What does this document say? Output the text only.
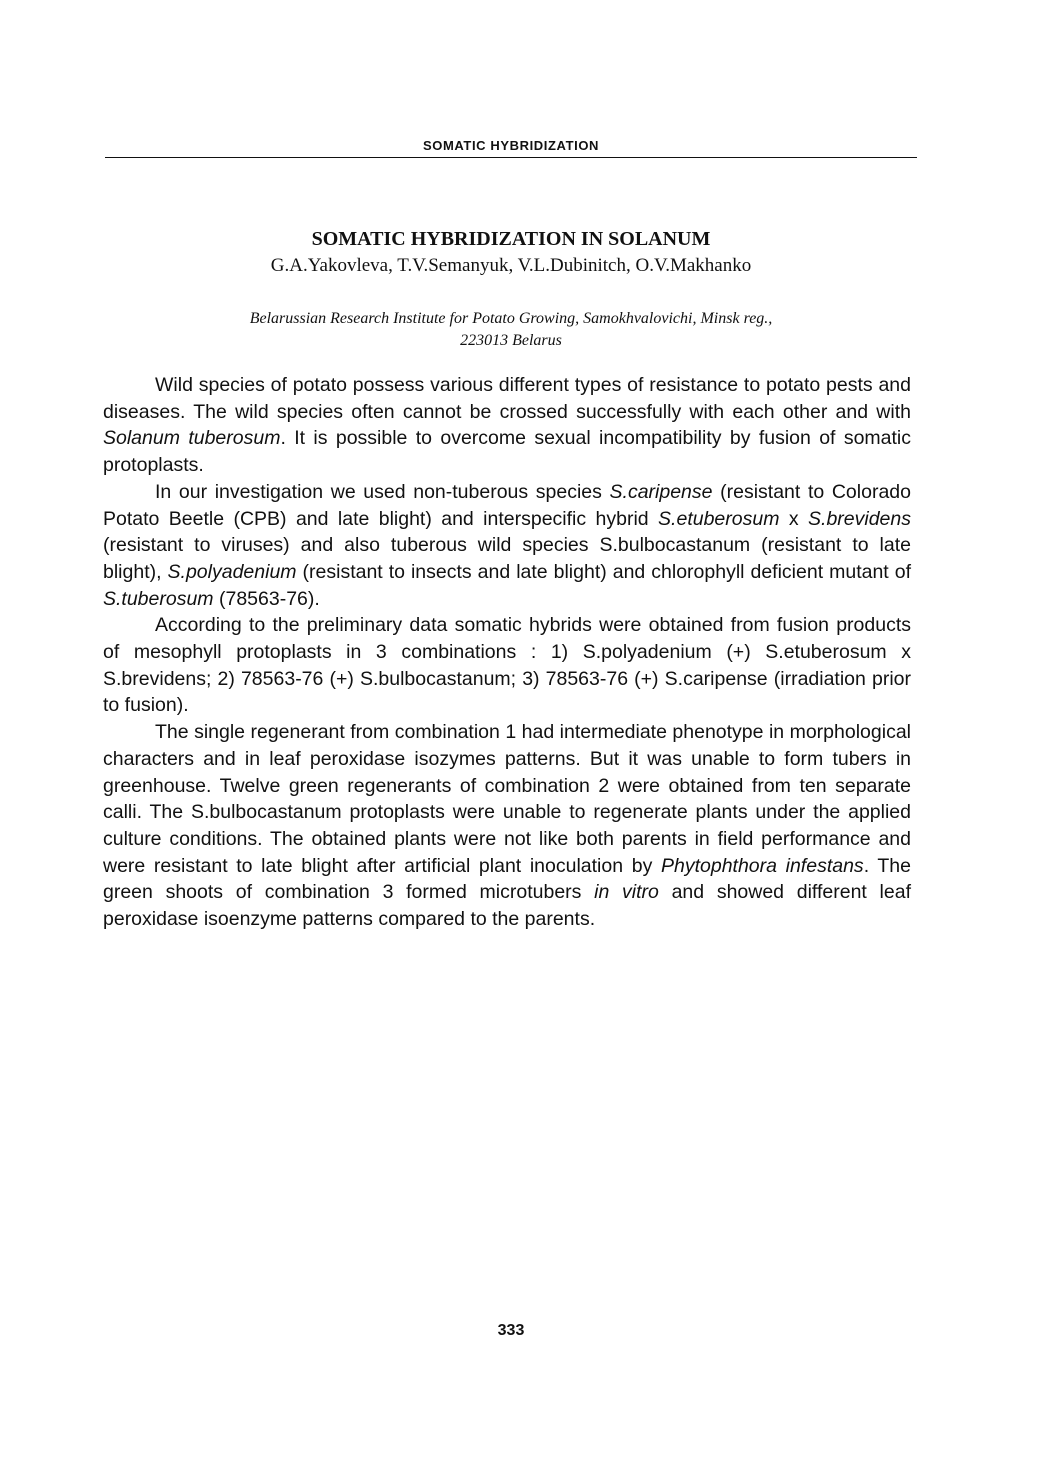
SOMATIC HYBRIDIZATION
SOMATIC HYBRIDIZATION IN SOLANUM
G.A.Yakovleva, T.V.Semanyuk, V.L.Dubinitch, O.V.Makhanko
Belarussian Research Institute for Potato Growing, Samokhvalovichi, Minsk reg.,
223013 Belarus

Wild species of potato possess various different types of resistance to potato pests and diseases. The wild species often cannot be crossed successfully with each other and with Solanum tuberosum. It is possible to overcome sexual incompatibility by fusion of somatic protoplasts.

In our investigation we used non-tuberous species S.caripense (resistant to Colorado Potato Beetle (CPB) and late blight) and interspecific hybrid S.etuberosum x S.brevidens (resistant to viruses) and also tuberous wild species S.bulbocastanum (resistant to late blight), S.polyadenium (resistant to insects and late blight) and chlorophyll deficient mutant of S.tuberosum (78563-76).

According to the preliminary data somatic hybrids were obtained from fusion products of mesophyll protoplasts in 3 combinations : 1) S.polyadenium (+) S.etuberosum x S.brevidens; 2) 78563-76 (+) S.bulbocastanum; 3) 78563-76 (+) S.caripense (irradiation prior to fusion).

The single regenerant from combination 1 had intermediate phenotype in morphological characters and in leaf peroxidase isozymes patterns. But it was unable to form tubers in greenhouse. Twelve green regenerants of combination 2 were obtained from ten separate calli. The S.bulbocastanum protoplasts were unable to regenerate plants under the applied culture conditions. The obtained plants were not like both parents in field performance and were resistant to late blight after artificial plant inoculation by Phytophthora infestans. The green shoots of combination 3 formed microtubers in vitro and showed different leaf peroxidase isoenzyme patterns compared to the parents.

333
